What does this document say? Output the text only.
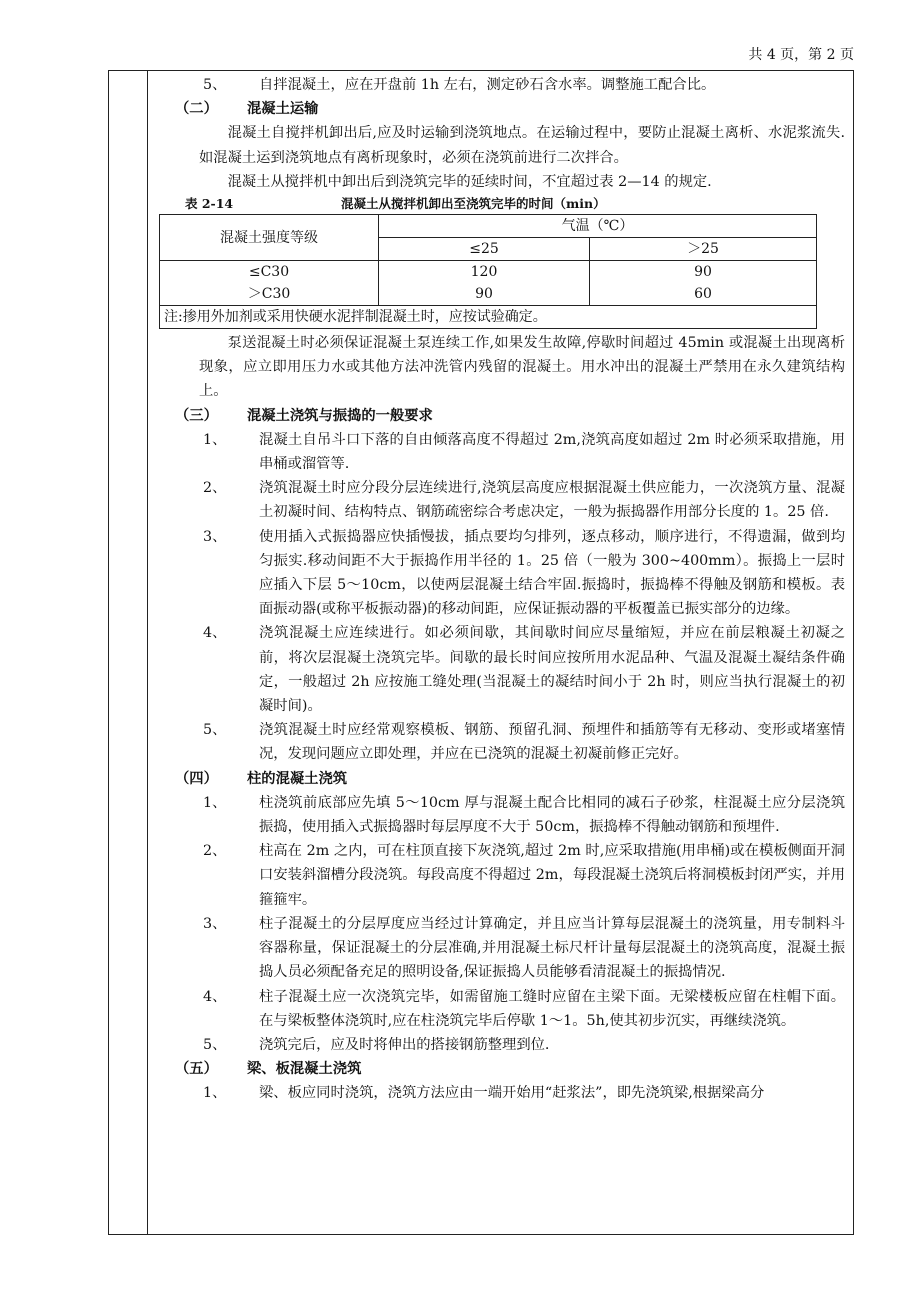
共 4 页，第 2 页
5、	自拌混凝土，应在开盘前 1h 左右，测定砂石含水率。调整施工配合比。
（二） 混凝土运输
混凝土自搅拌机卸出后,应及时运输到浇筑地点。在运输过程中，要防止混凝土离析、水泥浆流失.如混凝土运到浇筑地点有离析现象时，必须在浇筑前进行二次拌合。
混凝土从搅拌机中卸出后到浇筑完毕的延续时间，不宜超过表 2—14 的规定.
表 2-14	混凝土从搅拌机卸出至浇筑完毕的时间（min）
混凝土强度等级	气温（℃）	
	≤25	＞25
≤C30	120	90
＞C30	90	60
注:掺用外加剂或采用快硬水泥拌制混凝土时，应按试验确定。		
泵送混凝土时必须保证混凝土泵连续工作,如果发生故障,停歇时间超过 45min 或混凝土出现离析现象，应立即用压力水或其他方法冲洗管内残留的混凝土。用水冲出的混凝土严禁用在永久建筑结构上。
（三） 混凝土浇筑与振捣的一般要求
1、	混凝土自吊斗口下落的自由倾落高度不得超过 2m,浇筑高度如超过 2m 时必须采取措施，用串桶或溜管等.
2、	浇筑混凝土时应分段分层连续进行,浇筑层高度应根据混凝土供应能力，一次浇筑方量、混凝土初凝时间、结构特点、钢筋疏密综合考虑决定，一般为振捣器作用部分长度的 1。25 倍.
3、	使用插入式振捣器应快插慢拔，插点要均匀排列，逐点移动，顺序进行，不得遗漏，做到均匀振实.移动间距不大于振捣作用半径的 1。25 倍（一般为 300~400mm）。振捣上一层时应插入下层 5～10cm，以使两层混凝土结合牢固.振捣时，振捣棒不得触及钢筋和模板。表面振动器(或称平板振动器)的移动间距，应保证振动器的平板覆盖已振实部分的边缘。
4、	浇筑混凝土应连续进行。如必须间歇，其间歇时间应尽量缩短，并应在前层粮凝土初凝之前，将次层混凝土浇筑完毕。间歇的最长时间应按所用水泥品种、气温及混凝土凝结条件确定，一般超过 2h 应按施工缝处理(当混凝土的凝结时间小于 2h 时，则应当执行混凝土的初凝时间)。
5、	浇筑混凝土时应经常观察模板、钢筋、预留孔洞、预埋件和插筋等有无移动、变形或堵塞情况，发现问题应立即处理，并应在已浇筑的混凝土初凝前修正完好。
（四） 柱的混凝土浇筑
1、	柱浇筑前底部应先填 5～10cm 厚与混凝土配合比相同的减石子砂浆，柱混凝土应分层浇筑振捣，使用插入式振捣器时每层厚度不大于 50cm，振捣棒不得触动钢筋和预埋件.
2、	柱高在 2m 之内，可在柱顶直接下灰浇筑,超过 2m 时,应采取措施(用串桶)或在模板侧面开洞口安装斜溜槽分段浇筑。每段高度不得超过 2m，每段混凝土浇筑后将洞模板封闭严实，并用箍箍牢。
3、	柱子混凝土的分层厚度应当经过计算确定，并且应当计算每层混凝土的浇筑量，用专制料斗容器称量，保证混凝土的分层准确,并用混凝土标尺杆计量每层混凝土的浇筑高度，混凝土振捣人员必须配备充足的照明设备,保证振捣人员能够看清混凝土的振捣情况.
4、	柱子混凝土应一次浇筑完毕，如需留施工缝时应留在主梁下面。无梁楼板应留在柱帽下面。在与梁板整体浇筑时,应在柱浇筑完毕后停歇 1～1。5h,使其初步沉实，再继续浇筑。
5、	浇筑完后，应及时将伸出的搭接钢筋整理到位.
（五） 梁、板混凝土浇筑
1、	梁、板应同时浇筑，浇筑方法应由一端开始用“赶浆法”，即先浇筑梁,根据梁高分
